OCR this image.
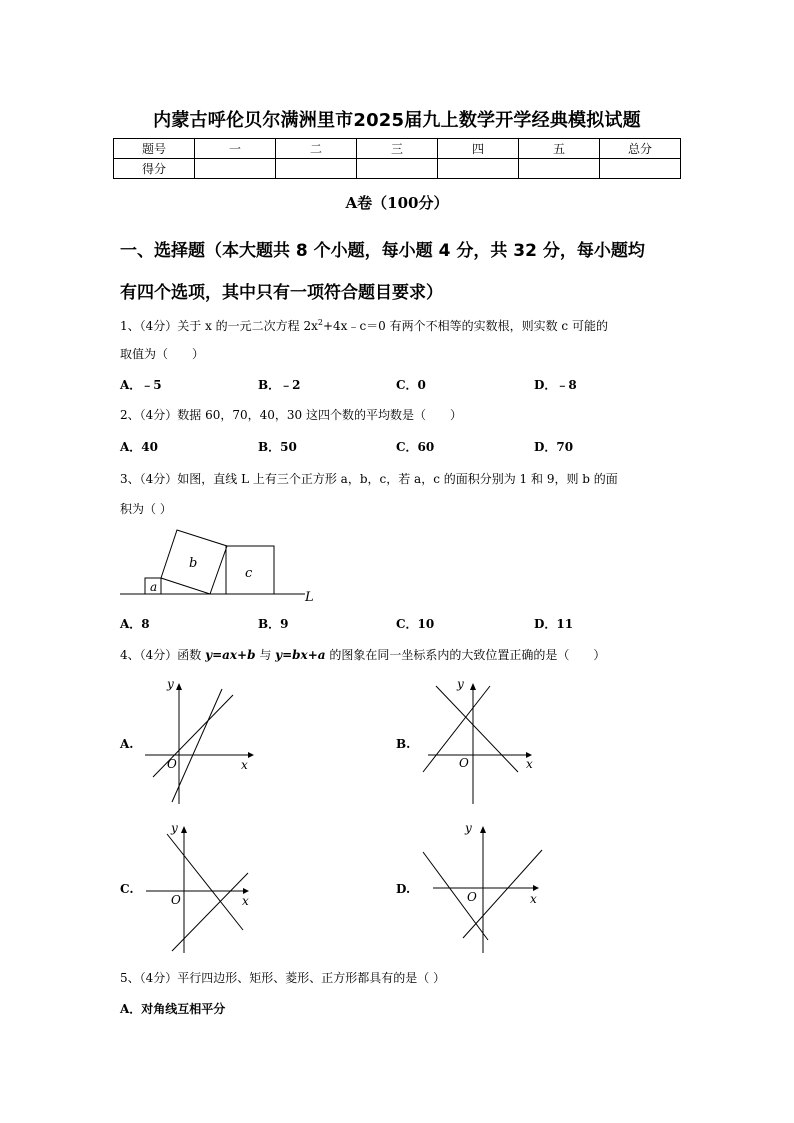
内蒙古呼伦贝尔满洲里市2025届九上数学开学经典模拟试题
题号	一	二	三	四	五	总分
得分						
A卷（100分）
一、选择题（本大题共 8 个小题，每小题 4 分，共 32 分，每小题均
有四个选项，其中只有一项符合题目要求）
1、（4分）关于 x 的一元二次方程 $2x^2+4x﹣c=0$ 有两个不相等的实数根，则实数 c 可能的
取值为（　　）
A．﹣5	B．﹣2	C．0	D．﹣8
2、（4分）数据 60，70，40，30 这四个数的平均数是（　　）
A．40	B．50	C．60	D．70
3、（4分）如图，直线 L 上有三个正方形 a，b，c，若 a，c 的面积分别为 1 和 9，则 b 的面
积为（ ）
a
b
c
L
A．8	B．9	C．10	D．11
4、（4分）函数 y=ax+b 与 y=bx+a 的图象在同一坐标系内的大致位置正确的是（　　）
A.
O	x
y
B.
O	x
y
C.
O	x
y
D.
O	x
y
5、（4分）平行四边形、矩形、菱形、正方形都具有的是（ ）
A．对角线互相平分
